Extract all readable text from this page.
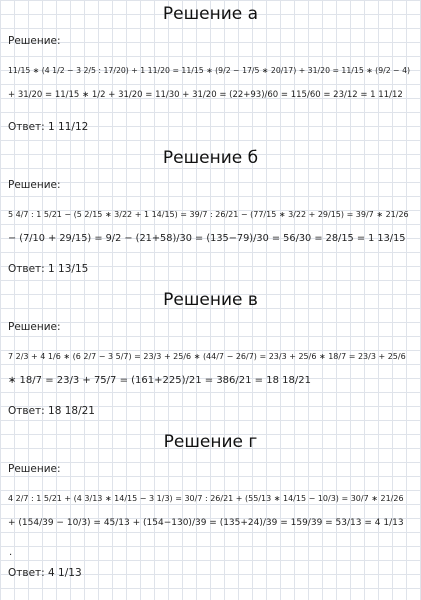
Решение а
Решение:
11/15 ∗ (4 1/2 − 3 2/5 : 17/20) + 1 11/20 = 11/15 ∗ (9/2 − 17/5 ∗ 20/17) + 31/20 = 11/15 ∗ (9/2 − 4)
+ 31/20 = 11/15 ∗ 1/2 + 31/20 = 11/30 + 31/20 = (22+93)/60 = 115/60 = 23/12 = 1 11/12
Ответ: 1 11/12
Решение б
Решение:
5 4/7 : 1 5/21 − (5 2/15 ∗ 3/22 + 1 14/15) = 39/7 : 26/21 − (77/15 ∗ 3/22 + 29/15) = 39/7 ∗ 21/26
− (7/10 + 29/15) = 9/2 − (21+58)/30 = (135−79)/30 = 56/30 = 28/15 = 1 13/15
Ответ: 1 13/15
Решение в
Решение:
7 2/3 + 4 1/6 ∗ (6 2/7 − 3 5/7) = 23/3 + 25/6 ∗ (44/7 − 26/7) = 23/3 + 25/6 ∗ 18/7 = 23/3 + 25/6
∗ 18/7 = 23/3 + 75/7 = (161+225)/21 = 386/21 = 18 18/21
Ответ: 18 18/21
Решение г
Решение:
4 2/7 : 1 5/21 + (4 3/13 ∗ 14/15 − 3 1/3) = 30/7 : 26/21 + (55/13 ∗ 14/15 − 10/3) = 30/7 ∗ 21/26
+ (154/39 − 10/3) = 45/13 + (154−130)/39 = (135+24)/39 = 159/39 = 53/13 = 4 1/13
.
Ответ: 4 1/13
